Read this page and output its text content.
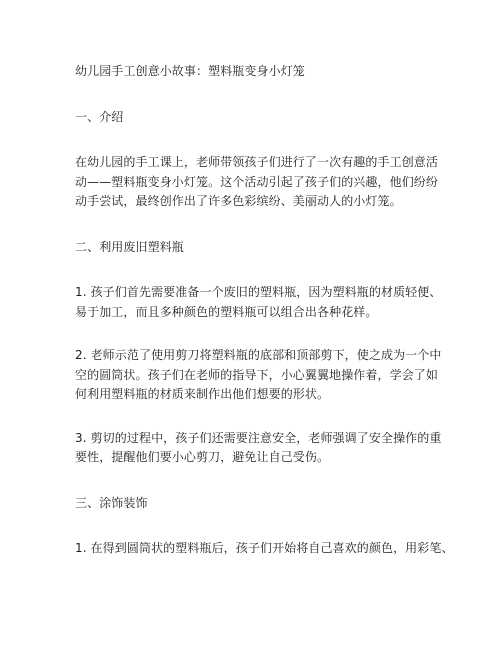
幼儿园手工创意小故事：塑料瓶变身小灯笼
一、介绍
在幼儿园的手工课上，老师带领孩子们进行了一次有趣的手工创意活
动——塑料瓶变身小灯笼。这个活动引起了孩子们的兴趣，他们纷纷
动手尝试，最终创作出了许多色彩缤纷、美丽动人的小灯笼。
二、利用废旧塑料瓶
1. 孩子们首先需要准备一个废旧的塑料瓶，因为塑料瓶的材质轻便、
易于加工，而且多种颜色的塑料瓶可以组合出各种花样。
2. 老师示范了使用剪刀将塑料瓶的底部和顶部剪下，使之成为一个中
空的圆筒状。孩子们在老师的指导下，小心翼翼地操作着，学会了如
何利用塑料瓶的材质来制作出他们想要的形状。
3. 剪切的过程中，孩子们还需要注意安全，老师强调了安全操作的重
要性，提醒他们要小心剪刀，避免让自己受伤。
三、涂饰装饰
1. 在得到圆筒状的塑料瓶后，孩子们开始将自己喜欢的颜色，用彩笔、
